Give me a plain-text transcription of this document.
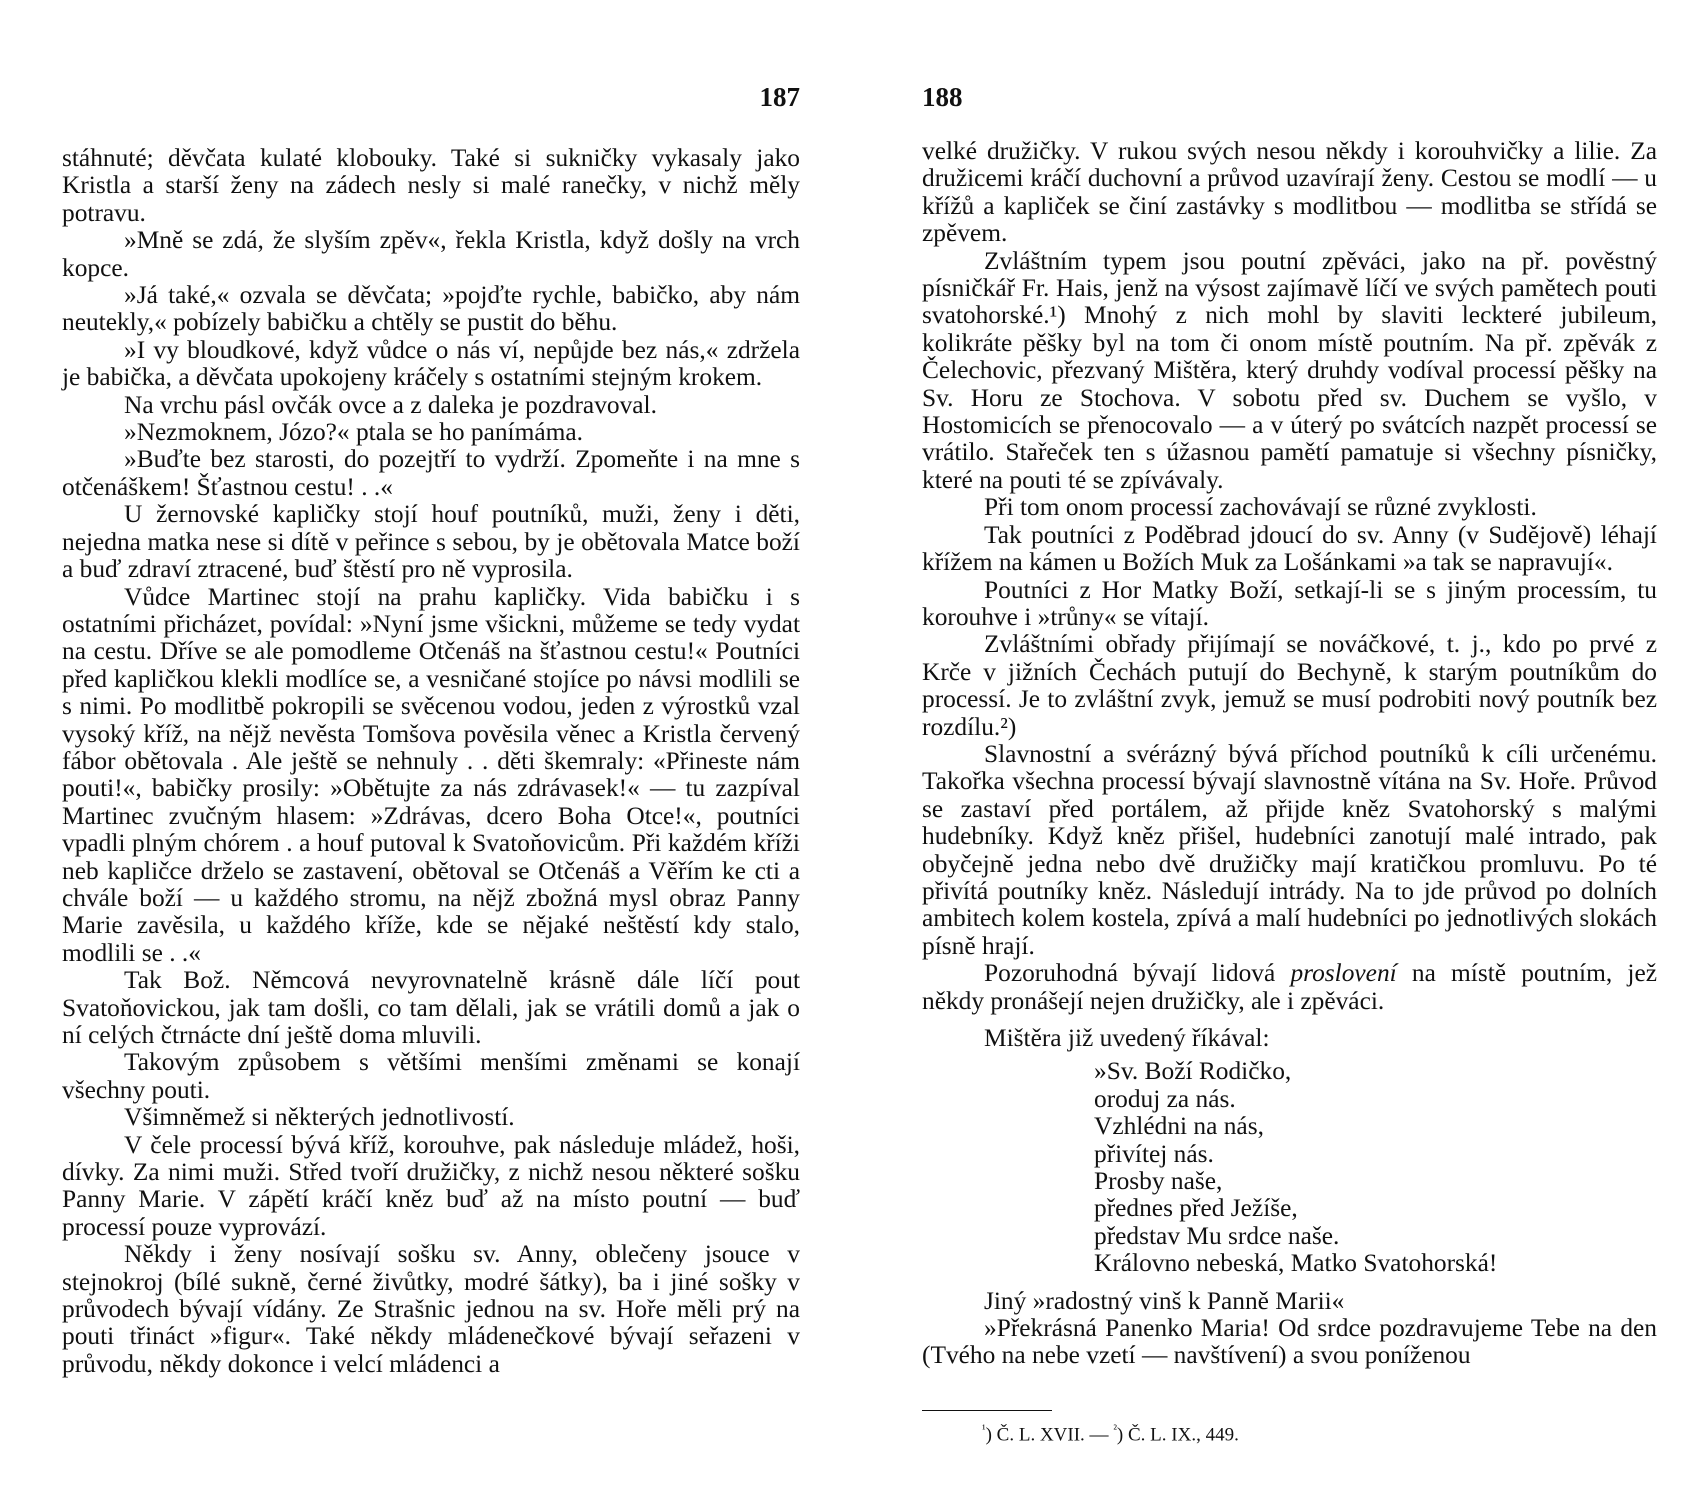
187

stáhnuté; děvčata kulaté klobouky. Také si sukničky vykasaly jako Kristla a starší ženy na zádech nesly si malé ranečky, v nichž měly potravu.

»Mně se zdá, že slyším zpěv«, řekla Kristla, když došly na vrch kopce.

»Já také,« ozvala se děvčata; »pojďte rychle, babičko, aby nám neutekly,« pobízely babičku a chtěly se pustit do běhu.

»I vy bloudkové, když vůdce o nás ví, nepůjde bez nás,« zdržela je babička, a děvčata upokojeny kráčely s ostatními stejným krokem.

Na vrchu pásl ovčák ovce a z daleka je pozdravoval.

»Nezmoknem, Józo?« ptala se ho panímáma.

»Buďte bez starosti, do pozejtří to vydrží. Zpomeňte i na mne s otčenáškem! Šťastnou cestu! . .«

U žernovské kapličky stojí houf poutníků, muži, ženy i děti, nejedna matka nese si dítě v peřince s sebou, by je obětovala Matce boží a buď zdraví ztracené, buď štěstí pro ně vyprosila.

Vůdce Martinec stojí na prahu kapličky. Vida babičku i s ostatními přicházet, povídal: »Nyní jsme všickni, můžeme se tedy vydat na cestu. Dříve se ale pomodleme Otčenáš na šťastnou cestu!« Poutníci před kapličkou klekli modlíce se, a vesničané stojíce po návsi modlili se s nimi. Po modlitbě pokropili se svěcenou vodou, jeden z výrostků vzal vysoký kříž, na nějž nevěsta Tomšova pověsila věnec a Kristla červený fábor obětovala . Ale ještě se nehnuly . . děti škemraly: «Přineste nám pouti!«, babičky prosily: »Obětujte za nás zdrávasek!« — tu zazpíval Martinec zvučným hlasem: »Zdrávas, dcero Boha Otce!«, poutníci vpadli plným chórem . a houf putoval k Svatoňovicům. Při každém kříži neb kapličce drželo se zastavení, obětoval se Otčenáš a Věřím ke cti a chvále boží — u každého stromu, na nějž zbožná mysl obraz Panny Marie zavěsila, u každého kříže, kde se nějaké neštěstí kdy stalo, modlili se . .«

Tak Bož. Němcová nevyrovnatelně krásně dále líčí pout Svatoňovickou, jak tam došli, co tam dělali, jak se vrátili domů a jak o ní celých čtrnácte dní ještě doma mluvili.

Takovým způsobem s většími menšími změnami se konají všechny pouti.

Všimněmež si některých jednotlivostí.

V čele processí bývá kříž, korouhve, pak následuje mládež, hoši, dívky. Za nimi muži. Střed tvoří družičky, z nichž nesou některé sošku Panny Marie. V zápětí kráčí kněz buď až na místo poutní — buď processí pouze vyprovází.

Někdy i ženy nosívají sošku sv. Anny, oblečeny jsouce v stejnokroj (bílé sukně, černé živůtky, modré šátky), ba i jiné sošky v průvodech bývají vídány. Ze Strašnic jednou na sv. Hoře měli prý na pouti třináct »figur«. Také někdy mládenečkové bývají seřazeni v průvodu, někdy dokonce i velcí mládenci a

188

velké družičky. V rukou svých nesou někdy i korouhvičky a lilie. Za družicemi kráčí duchovní a průvod uzavírají ženy. Cestou se modlí — u křížů a kapliček se činí zastávky s modlitbou — modlitba se střídá se zpěvem.

Zvláštním typem jsou poutní zpěváci, jako na př. pověstný písničkář Fr. Hais, jenž na výsost zajímavě líčí ve svých pamětech pouti svatohorské.¹) Mnohý z nich mohl by slaviti leckteré jubileum, kolikráte pěšky byl na tom či onom místě poutním. Na př. zpěvák z Čelechovic, přezvaný Mištěra, který druhdy vodíval processí pěšky na Sv. Horu ze Stochova. V sobotu před sv. Duchem se vyšlo, v Hostomicích se přenocovalo — a v úterý po svátcích nazpět processí se vrátilo. Stařeček ten s úžasnou pamětí pamatuje si všechny písničky, které na pouti té se zpívávaly.

Při tom onom processí zachovávají se různé zvyklosti.

Tak poutníci z Poděbrad jdoucí do sv. Anny (v Sudějově) léhají křížem na kámen u Božích Muk za Lošánkami »a tak se napravují«.

Poutníci z Hor Matky Boží, setkají-li se s jiným processím, tu korouhve i »trůny« se vítají.

Zvláštními obřady přijímají se nováčkové, t. j., kdo po prvé z Krče v jižních Čechách putují do Bechyně, k starým poutníkům do processí. Je to zvláštní zvyk, jemuž se musí podrobiti nový poutník bez rozdílu.²)

Slavnostní a svérázný bývá příchod poutníků k cíli určenému. Takořka všechna processí bývají slavnostně vítána na Sv. Hoře. Průvod se zastaví před portálem, až přijde kněz Svatohorský s malými hudebníky. Když kněz přišel, hudebníci zanotují malé intrado, pak obyčejně jedna nebo dvě družičky mají kratičkou promluvu. Po té přivítá poutníky kněz. Následují intrády. Na to jde průvod po dolních ambitech kolem kostela, zpívá a malí hudebníci po jednotlivých slokách písně hrají.

Pozoruhodná bývají lidová proslovení na místě poutním, jež někdy pronášejí nejen družičky, ale i zpěváci.

Mištěra již uvedený říkával:

»Sv. Boží Rodičko,
oroduj za nás.
Vzhlédni na nás,
přivítej nás.
Prosby naše,
přednes před Ježíše,
představ Mu srdce naše.
Královno nebeská, Matko Svatohorská!

Jiný »radostný vinš k Panně Marii«

»Překrásná Panenko Maria! Od srdce pozdravujeme Tebe na den (Tvého na nebe vzetí — navštívení) a svou poníženou

$^{^1}$) Č. L. XVII. — $^{^2}$) Č. L. IX., 449.
